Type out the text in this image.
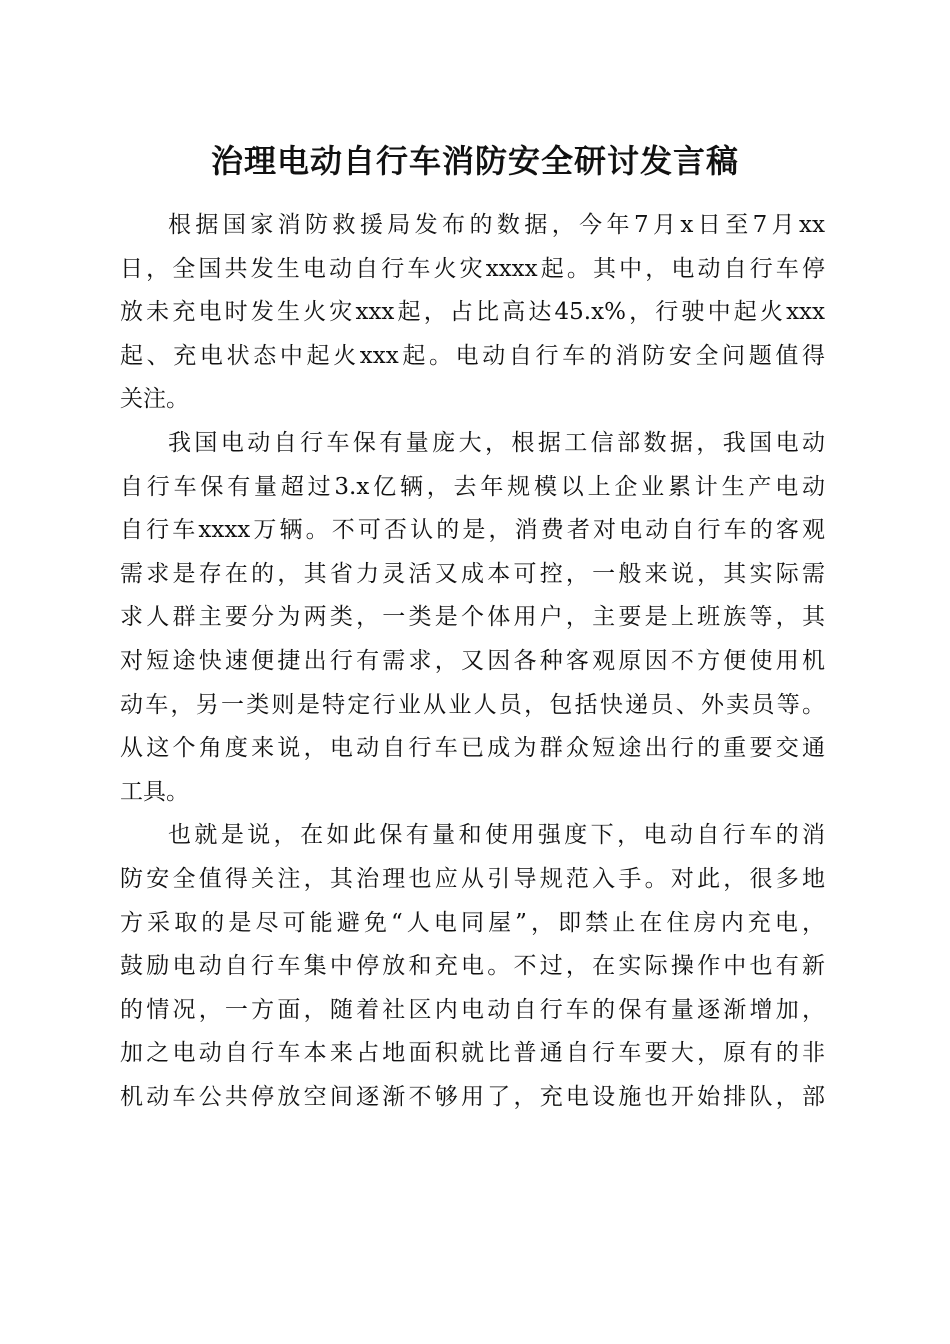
治理电动自行车消防安全研讨发言稿
根据国家消防救援局发布的数据，今年7月x日至7月xx
日，全国共发生电动自行车火灾xxxx起。其中，电动自行车停
放未充电时发生火灾xxx起，占比高达45.x%，行驶中起火xxx
起、充电状态中起火xxx起。电动自行车的消防安全问题值得
关注。
我国电动自行车保有量庞大，根据工信部数据，我国电动
自行车保有量超过3.x亿辆，去年规模以上企业累计生产电动
自行车xxxx万辆。不可否认的是，消费者对电动自行车的客观
需求是存在的，其省力灵活又成本可控，一般来说，其实际需
求人群主要分为两类，一类是个体用户，主要是上班族等，其
对短途快速便捷出行有需求，又因各种客观原因不方便使用机
动车，另一类则是特定行业从业人员，包括快递员、外卖员等。
从这个角度来说，电动自行车已成为群众短途出行的重要交通
工具。
也就是说，在如此保有量和使用强度下，电动自行车的消
防安全值得关注，其治理也应从引导规范入手。对此，很多地
方采取的是尽可能避免“人电同屋”，即禁止在住房内充电，
鼓励电动自行车集中停放和充电。不过，在实际操作中也有新
的情况，一方面，随着社区内电动自行车的保有量逐渐增加，
加之电动自行车本来占地面积就比普通自行车要大，原有的非
机动车公共停放空间逐渐不够用了，充电设施也开始排队，部
